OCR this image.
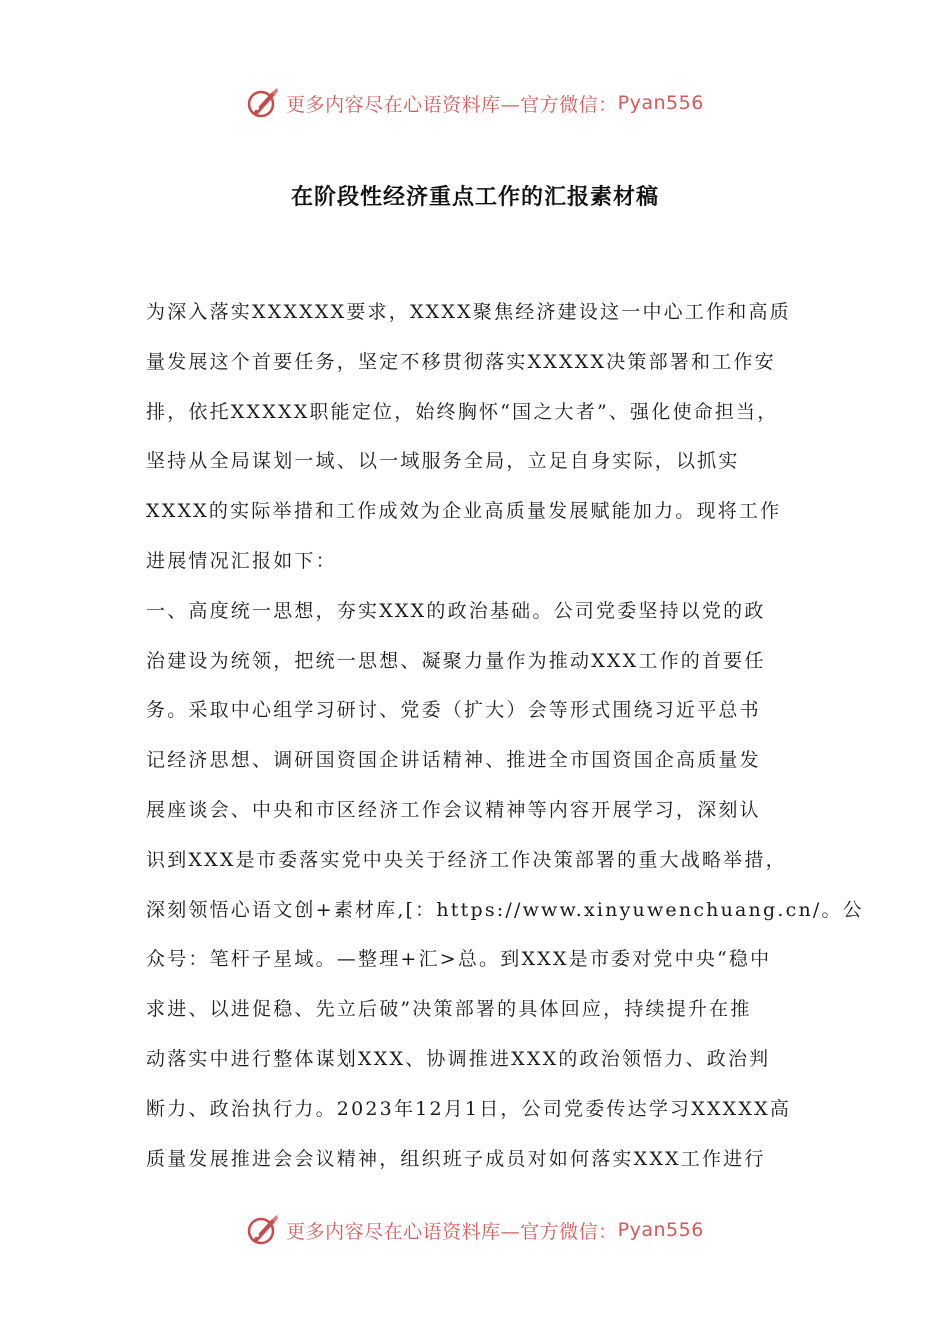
更多内容尽在心语资料库—官方微信： Pyan556
在阶段性经济重点工作的汇报素材稿
为深入落实XXXXXX要求，XXXX聚焦经济建设这一中心工作和高质
量发展这个首要任务，坚定不移贯彻落实XXXXX决策部署和工作安
排，依托XXXXX职能定位，始终胸怀“国之大者”、强化使命担当，
坚持从全局谋划一域、以一域服务全局，立足自身实际，以抓实
XXXX的实际举措和工作成效为企业高质量发展赋能加力。现将工作
进展情况汇报如下：
一、高度统一思想，夯实XXX的政治基础。公司党委坚持以党的政
治建设为统领，把统一思想、凝聚力量作为推动XXX工作的首要任
务。采取中心组学习研讨、党委（扩大）会等形式围绕习近平总书
记经济思想、调研国资国企讲话精神、推进全市国资国企高质量发
展座谈会、中央和市区经济工作会议精神等内容开展学习，深刻认
识到XXX是市委落实党中央关于经济工作决策部署的重大战略举措，
深刻领悟心语文创+素材库,[：https://www.xinyuwenchuang.cn/。公
众号：笔杆子星域。—整理+汇>总。到XXX是市委对党中央“稳中
求进、以进促稳、先立后破”决策部署的具体回应，持续提升在推
动落实中进行整体谋划XXX、协调推进XXX的政治领悟力、政治判
断力、政治执行力。2023年12月1日，公司党委传达学习XXXXX高
质量发展推进会会议精神，组织班子成员对如何落实XXX工作进行
更多内容尽在心语资料库—官方微信： Pyan556
